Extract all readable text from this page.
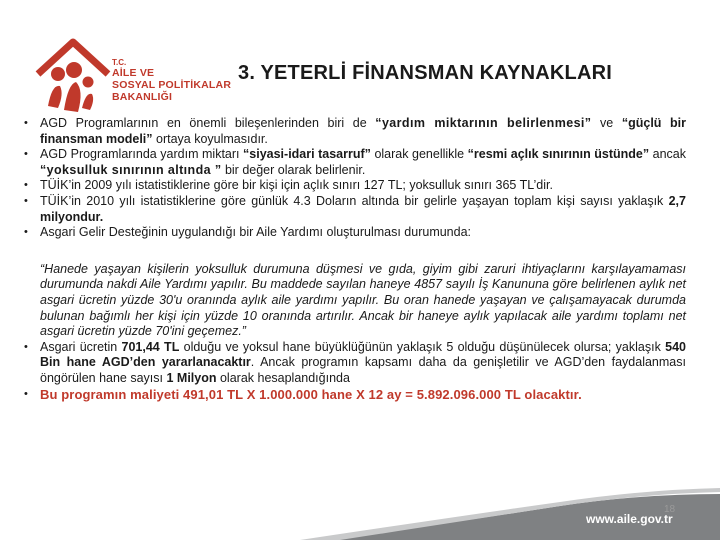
T.C.
AİLE VE
SOSYAL POLİTİKALAR
BAKANLIĞI
3. YETERLİ FİNANSMAN KAYNAKLARI
• AGD Programlarının en önemli bileşenlerinden biri de “yardım miktarının belirlenmesi” ve “güçlü bir finansman modeli” ortaya koyulmasıdır.
• AGD Programlarında yardım miktarı “siyasi-idari tasarruf” olarak genellikle “resmi açlık sınırının üstünde” ancak “yoksulluk sınırının altında ” bir değer olarak belirlenir.
• TÜİK’in 2009 yılı istatistiklerine göre bir kişi için açlık sınırı 127 TL; yoksulluk sınırı 365 TL’dir.
• TÜİK’in 2010 yılı istatistiklerine göre günlük 4.3 Doların altında bir gelirle yaşayan toplam kişi sayısı yaklaşık 2,7 milyondur.
• Asgari Gelir Desteğinin uygulandığı bir Aile Yardımı oluşturulması durumunda:
“Hanede yaşayan kişilerin yoksulluk durumuna düşmesi ve gıda, giyim gibi zaruri ihtiyaçlarını karşılayamaması durumunda nakdi Aile Yardımı yapılır. Bu maddede sayılan haneye 4857 sayılı İş Kanununa göre belirlenen aylık net asgari ücretin yüzde 30'u oranında aylık aile yardımı yapılır. Bu oran hanede yaşayan ve çalışamayacak durumda bulunan bağımlı her kişi için yüzde 10 oranında artırılır. Ancak bir haneye aylık yapılacak aile yardımı toplamı net asgari ücretin yüzde 70'ini geçemez.”
• Asgari ücretin 701,44 TL olduğu ve yoksul hane büyüklüğünün yaklaşık 5 olduğu düşünülecek olursa; yaklaşık 540 Bin hane AGD’den yararlanacaktır. Ancak programın kapsamı daha da genişletilir ve AGD’den faydalanması öngörülen hane sayısı 1 Milyon olarak hesaplandığında
• Bu programın maliyeti 491,01 TL X 1.000.000 hane X 12 ay = 5.892.096.000 TL olacaktır.
www.aile.gov.tr
18
